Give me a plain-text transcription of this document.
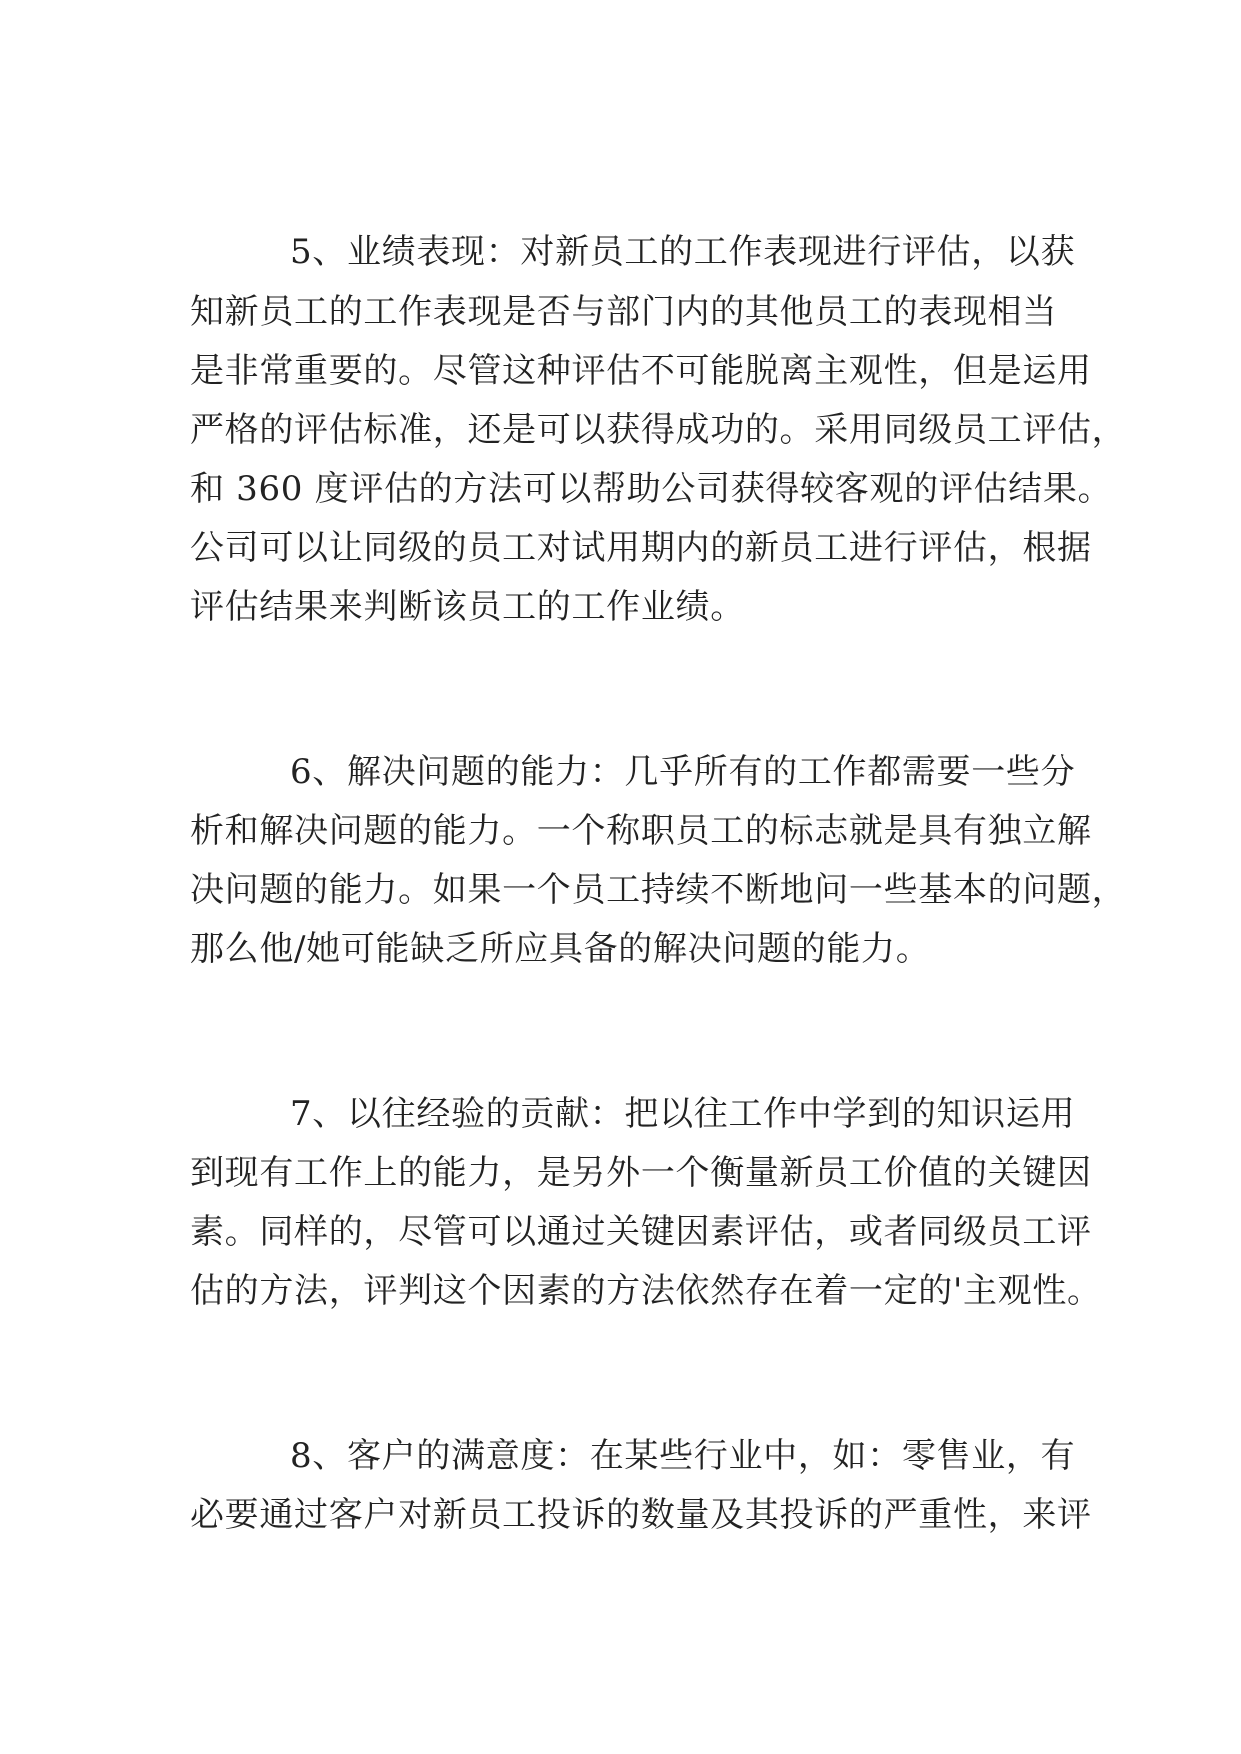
5、业绩表现：对新员工的工作表现进行评估，以获
知新员工的工作表现是否与部门内的其他员工的表现相当
是非常重要的。尽管这种评估不可能脱离主观性，但是运用
严格的评估标准，还是可以获得成功的。采用同级员工评估，
和 360 度评估的方法可以帮助公司获得较客观的评估结果。
公司可以让同级的员工对试用期内的新员工进行评估，根据
评估结果来判断该员工的工作业绩。
6、解决问题的能力：几乎所有的工作都需要一些分
析和解决问题的能力。一个称职员工的标志就是具有独立解
决问题的能力。如果一个员工持续不断地问一些基本的问题，
那么他/她可能缺乏所应具备的解决问题的能力。
7、以往经验的贡献：把以往工作中学到的知识运用
到现有工作上的能力，是另外一个衡量新员工价值的关键因
素。同样的，尽管可以通过关键因素评估，或者同级员工评
估的方法，评判这个因素的方法依然存在着一定的'主观性。
8、客户的满意度：在某些行业中，如：零售业，有
必要通过客户对新员工投诉的数量及其投诉的严重性，来评
